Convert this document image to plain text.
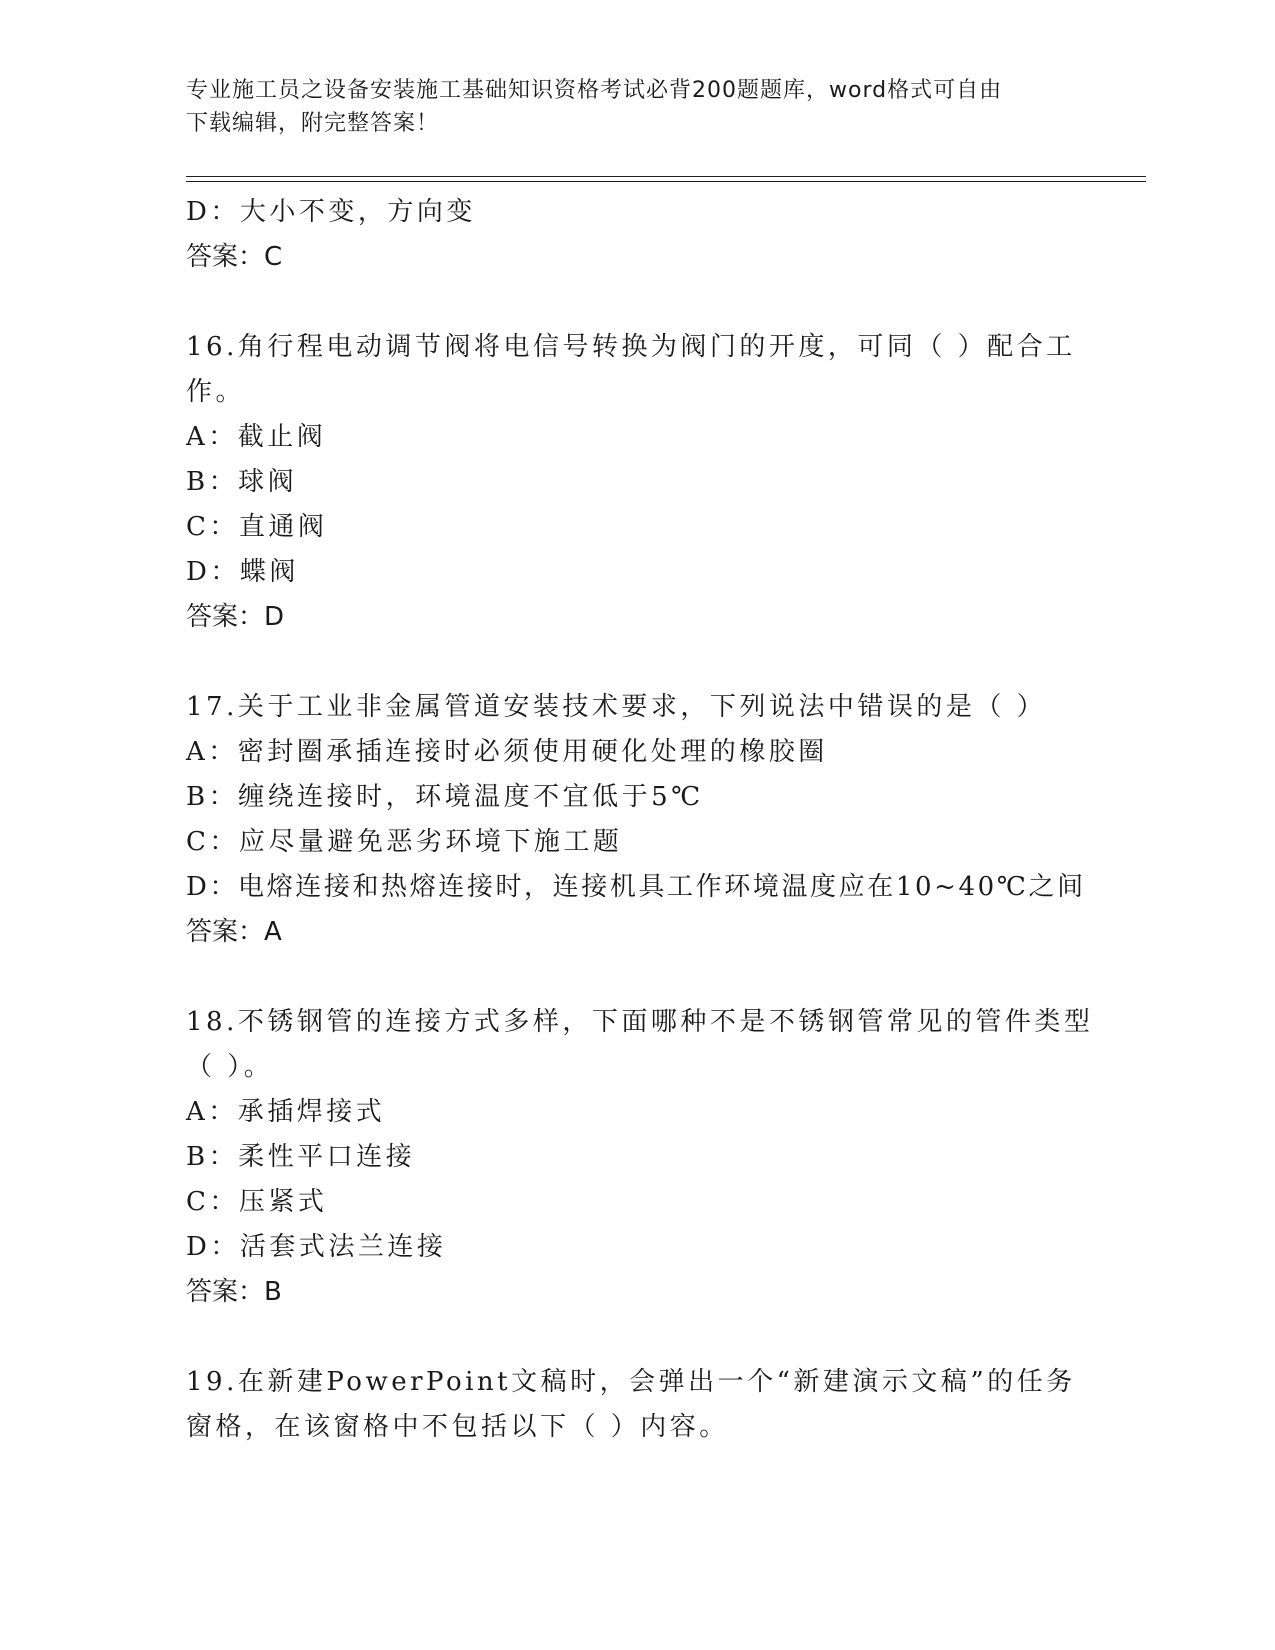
专业施工员之设备安装施工基础知识资格考试必背200题题库，word格式可自由
下载编辑，附完整答案！
D：大小不变，方向变
答案：C
16.角行程电动调节阀将电信号转换为阀门的开度，可同（ ）配合工
作。
A：截止阀
B：球阀
C：直通阀
D：蝶阀
答案：D
17.关于工业非金属管道安装技术要求，下列说法中错误的是（ ）
A：密封圈承插连接时必须使用硬化处理的橡胶圈
B：缠绕连接时，环境温度不宜低于5℃
C：应尽量避免恶劣环境下施工题
D：电熔连接和热熔连接时，连接机具工作环境温度应在10~40℃之间
答案：A
18.不锈钢管的连接方式多样，下面哪种不是不锈钢管常见的管件类型
（ ）。
A：承插焊接式
B：柔性平口连接
C：压紧式
D：活套式法兰连接
答案：B
19.在新建PowerPoint文稿时，会弹出一个“新建演示文稿”的任务
窗格，在该窗格中不包括以下（ ）内容。
